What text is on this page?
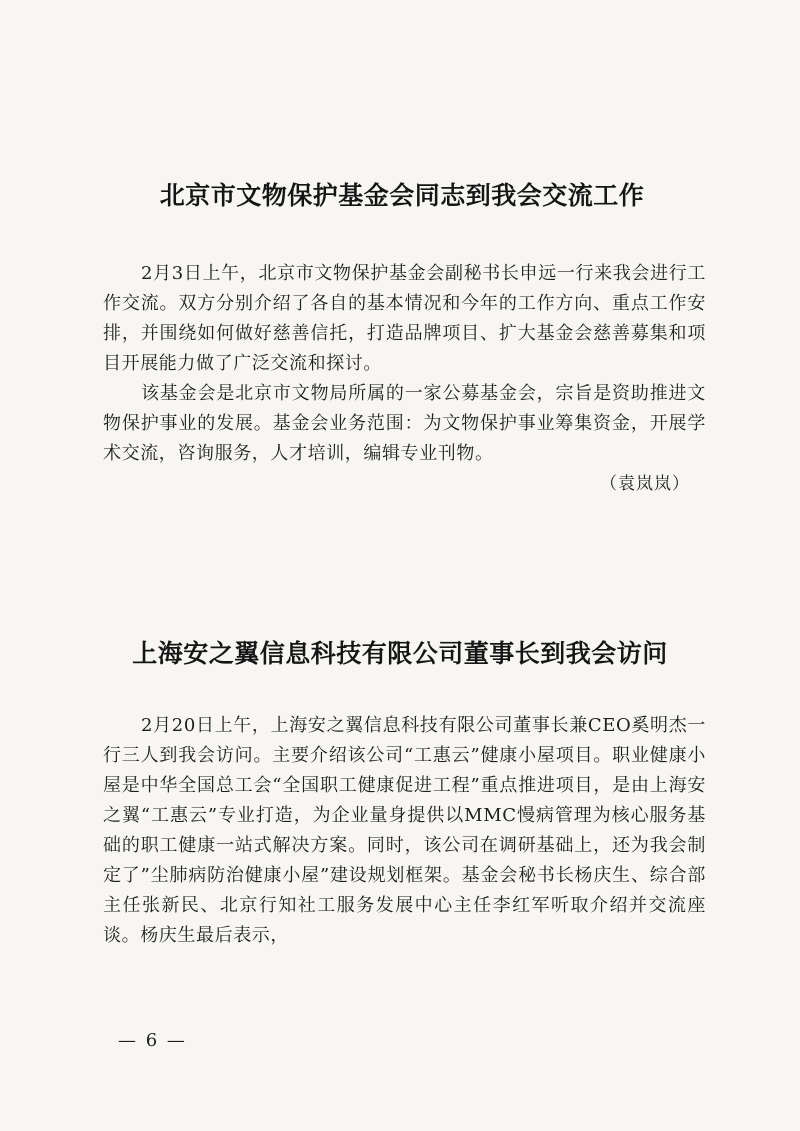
北京市文物保护基金会同志到我会交流工作

2月3日上午，北京市文物保护基金会副秘书长申远一行来我会进行工作交流。双方分别介绍了各自的基本情况和今年的工作方向、重点工作安排，并围绕如何做好慈善信托，打造品牌项目、扩大基金会慈善募集和项目开展能力做了广泛交流和探讨。

该基金会是北京市文物局所属的一家公募基金会，宗旨是资助推进文物保护事业的发展。基金会业务范围：为文物保护事业筹集资金，开展学术交流，咨询服务，人才培训，编辑专业刊物。

（袁岚岚）

上海安之翼信息科技有限公司董事长到我会访问

2月20日上午，上海安之翼信息科技有限公司董事长兼CEO奚明杰一行三人到我会访问。主要介绍该公司“工惠云”健康小屋项目。职业健康小屋是中华全国总工会“全国职工健康促进工程”重点推进项目，是由上海安之翼“工惠云”专业打造，为企业量身提供以MMC慢病管理为核心服务基础的职工健康一站式解决方案。同时，该公司在调研基础上，还为我会制定了”尘肺病防治健康小屋”建设规划框架。基金会秘书长杨庆生、综合部主任张新民、北京行知社工服务发展中心主任李红军听取介绍并交流座谈。杨庆生最后表示，

— 6 —
